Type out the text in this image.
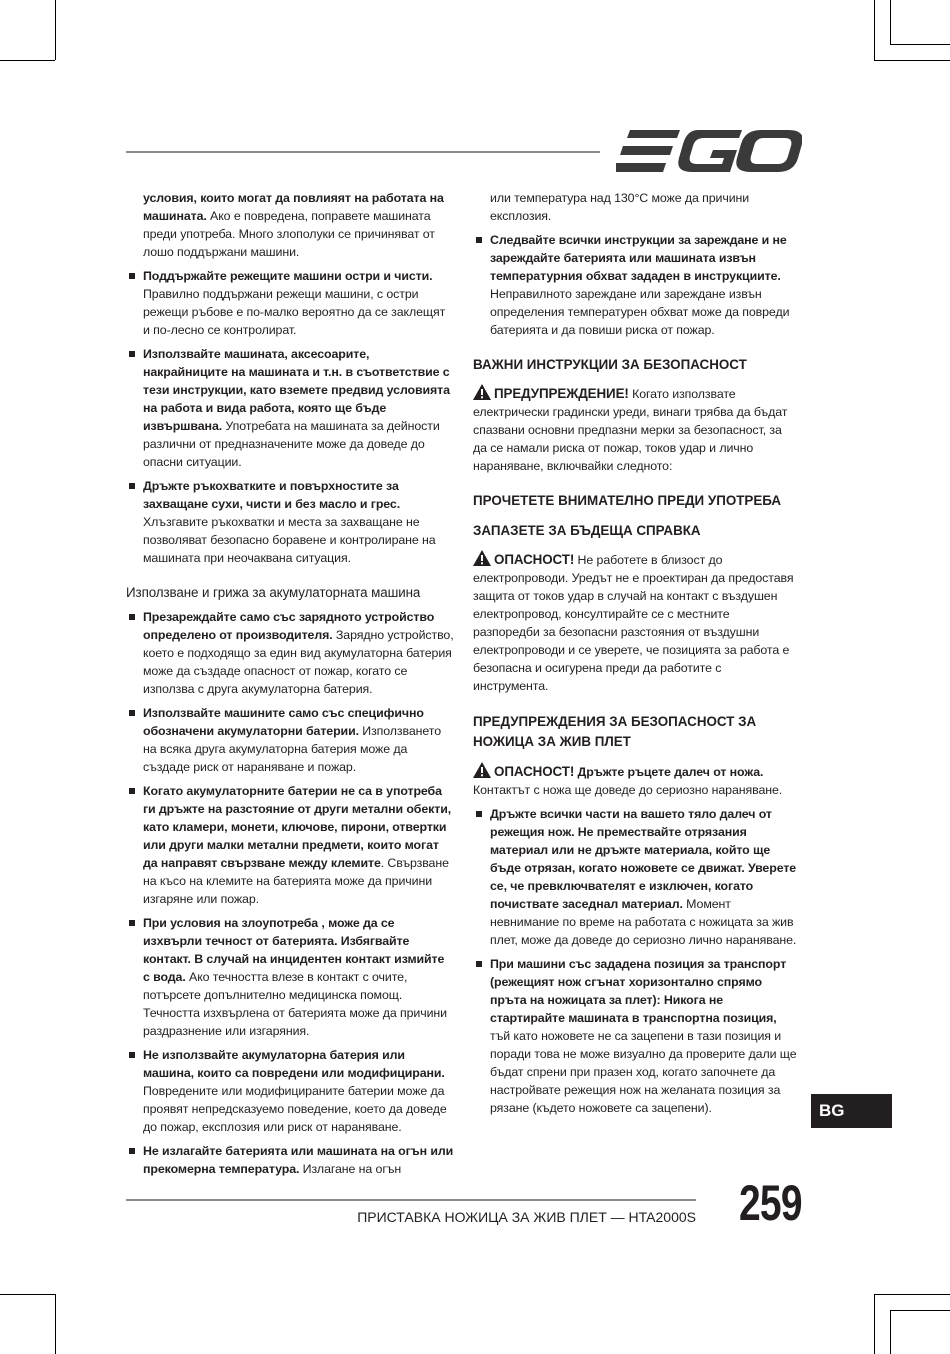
условия, които могат да повлияят на работата на машината. Ако е повредена, поправете машината преди употреба. Много злополуки се причиняват от лошо поддържани машини.

Поддържайте режещите машини остри и чисти. Правилно поддържани режещи машини, с остри режещи ръбове е по-малко вероятно да се заклещят и по-лесно се контролират.
Използвайте машината, аксесоарите, накрайниците на машината и т.н. в съответствие с тези инструкции, като вземете предвид условията на работа и вида работа, която ще бъде извършвана. Употребата на машината за дейности различни от предназначените може да доведе до опасни ситуации.
Дръжте ръкохватките и повърхностите за захващане сухи, чисти и без масло и грес. Хлъзгавите ръкохватки и места за захващане не позволяват безопасно боравене и контролиране на машината при неочаквана ситуация.

Използване и грижа за акумулаторната машина

Презареждайте само със зарядното устройство определено от производителя. Зарядно устройство, което е подходящо за един вид акумулаторна батерия може да създаде опасност от пожар, когато се използва с друга акумулаторна батерия.
Използвайте машините само със специфично обозначени акумулаторни батерии. Използването на всяка друга акумулаторна батерия може да създаде риск от нараняване и пожар.
Когато акумулаторните батерии не са в употреба ги дръжте на разстояние от други метални обекти, като кламери, монети, ключове, пирони, отвертки или други малки метални предмети, които могат да направят свързване между клемите. Свързване на късо на клемите на батерията може да причини изгаряне или пожар.
При условия на злоупотреба , може да се изхвърли течност от батерията. Избягвайте контакт. В случай на инцидентен контакт измийте с вода. Ако течността влезе в контакт с очите, потърсете допълнително медицинска помощ. Течността изхвърлена от батерията може да причини раздразнение или изгаряния.
Не използвайте акумулаторна батерия или машина, които са повредени или модифицирани. Повредените или модифицираните батерии може да проявят непредсказуемо поведение, което да доведе до пожар, експлозия или риск от нараняване.
Не излагайте батерията или машината на огън или прекомерна температура. Излагане на огън

или температура над 130°C може да причини експлозия.

Следвайте всички инструкции за зареждане и не зареждайте батерията или машината извън температурния обхват зададен в инструкциите. Неправилното зареждане или зареждане извън определения температурен обхват може да повреди батерията и да повиши риска от пожар.

ВАЖНИ ИНСТРУКЦИИ ЗА БЕЗОПАСНОСТ

ПРЕДУПРЕЖДЕНИЕ! Когато използвате електрически градински уреди, винаги трябва да бъдат спазвани основни предпазни мерки за безопасност, за да се намали риска от пожар, токов удар и лично нараняване, включвайки следното:

ПРОЧЕТЕТЕ ВНИМАТЕЛНО ПРЕДИ УПОТРЕБА

ЗАПАЗЕТЕ ЗА БЪДЕЩА СПРАВКА

ОПАСНОСТ! Не работете в близост до електропроводи. Уредът не е проектиран да предоставя защита от токов удар в случай на контакт с въздушен електропровод, консултирайте се с местните разпоредби за безопасни разстояния от въздушни електропроводи и се уверете, че позицията за работа е безопасна и осигурена преди да работите с инструмента.

ПРЕДУПРЕЖДЕНИЯ ЗА БЕЗОПАСНОСТ ЗА НОЖИЦА ЗА ЖИВ ПЛЕТ

ОПАСНОСТ! Дръжте ръцете далеч от ножа. Контактът с ножа ще доведе до сериозно нараняване.

Дръжте всички части на вашето тяло далеч от режещия нож. Не премествайте отрязания материал или не дръжте материала, който ще бъде отрязан, когато ножовете се движат. Уверете се, че превключвателят е изключен, когато почиствате заседнал материал. Момент невнимание по време на работата с ножицата за жив плет, може да доведе до сериозно лично нараняване.
При машини със зададена позиция за транспорт (режещият нож сгънат хоризонтално спрямо пръта на ножицата за плет): Никога не стартирайте машината в транспортна позиция, тъй като ножовете не са зацепени в тази позиция и поради това не може визуално да проверите дали ще бъдат спрени при празен ход, когато започнете да настройвате режещия нож на желаната позиция за рязане (където ножовете са зацепени).	BG
ПРИСТАВКА НОЖИЦА ЗА ЖИВ ПЛЕТ — HTA2000S 259
